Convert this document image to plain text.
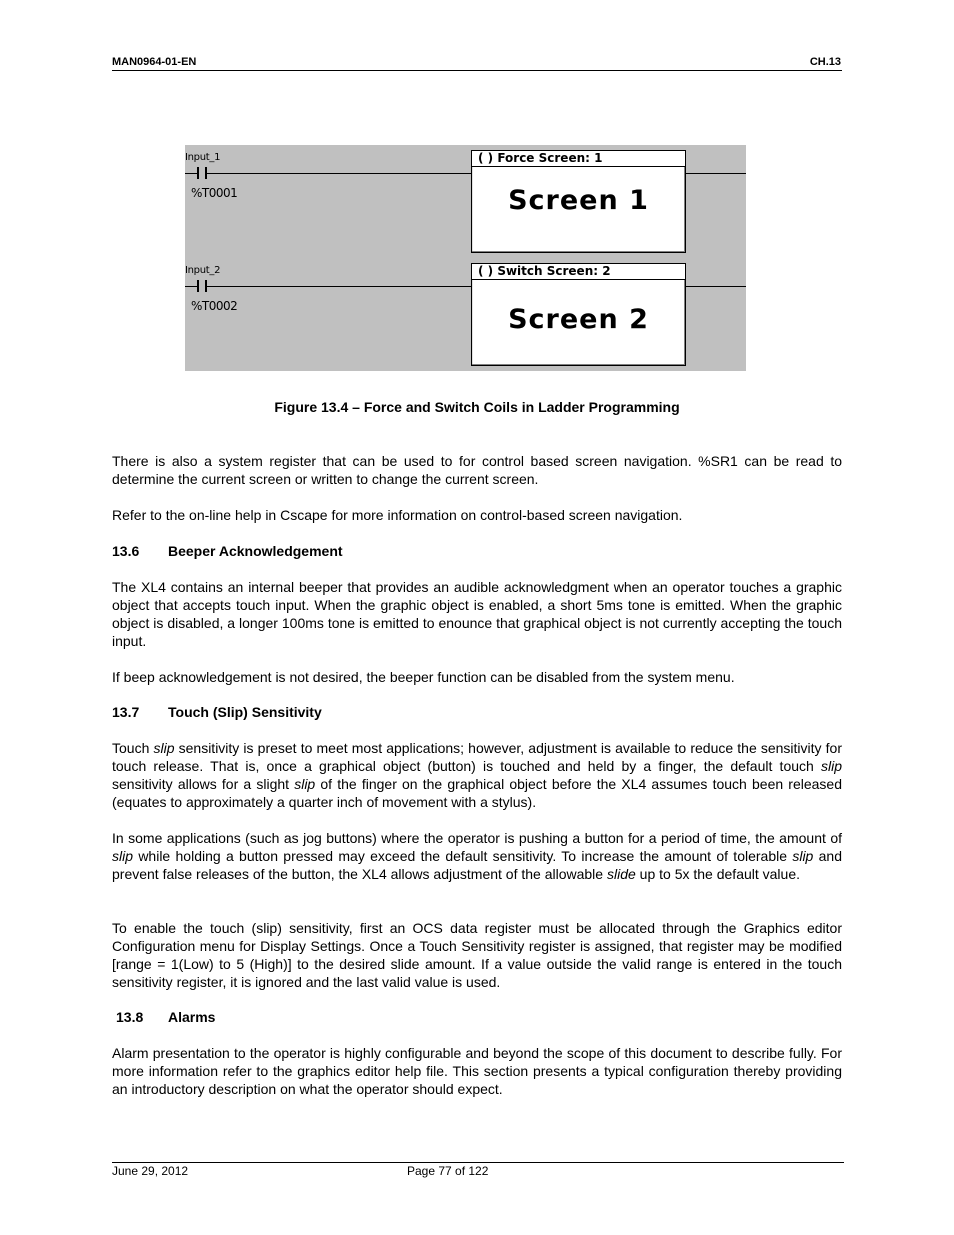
MAN0964-01-EN	CH.13
Input_1
%T0001
( ) Force Screen: 1
Screen 1
Input_2
%T0002
( ) Switch Screen: 2
Screen 2
Figure 13.4 – Force and Switch Coils in Ladder Programming
There is also a system register that can be used to for control based screen navigation. %SR1 can be read to determine the current screen or written to change the current screen.
Refer to the on-line help in Cscape for more information on control-based screen navigation.
13.6 Beeper Acknowledgement
The XL4 contains an internal beeper that provides an audible acknowledgment when an operator touches a graphic object that accepts touch input. When the graphic object is enabled, a short 5ms tone is emitted. When the graphic object is disabled, a longer 100ms tone is emitted to enounce that graphical object is not currently accepting the touch input.
If beep acknowledgement is not desired, the beeper function can be disabled from the system menu.
13.7 Touch (Slip) Sensitivity
Touch slip sensitivity is preset to meet most applications; however, adjustment is available to reduce the sensitivity for touch release. That is, once a graphical object (button) is touched and held by a finger, the default touch slip sensitivity allows for a slight slip of the finger on the graphical object before the XL4 assumes touch been released (equates to approximately a quarter inch of movement with a stylus).
In some applications (such as jog buttons) where the operator is pushing a button for a period of time, the amount of slip while holding a button pressed may exceed the default sensitivity. To increase the amount of tolerable slip and prevent false releases of the button, the XL4 allows adjustment of the allowable slide up to 5x the default value.
To enable the touch (slip) sensitivity, first an OCS data register must be allocated through the Graphics editor Configuration menu for Display Settings. Once a Touch Sensitivity register is assigned, that register may be modified [range = 1(Low) to 5 (High)] to the desired slide amount. If a value outside the valid range is entered in the touch sensitivity register, it is ignored and the last valid value is used.
13.8 Alarms
Alarm presentation to the operator is highly configurable and beyond the scope of this document to describe fully. For more information refer to the graphics editor help file. This section presents a typical configuration thereby providing an introductory description on what the operator should expect.
June 29, 2012	Page 77 of 122
